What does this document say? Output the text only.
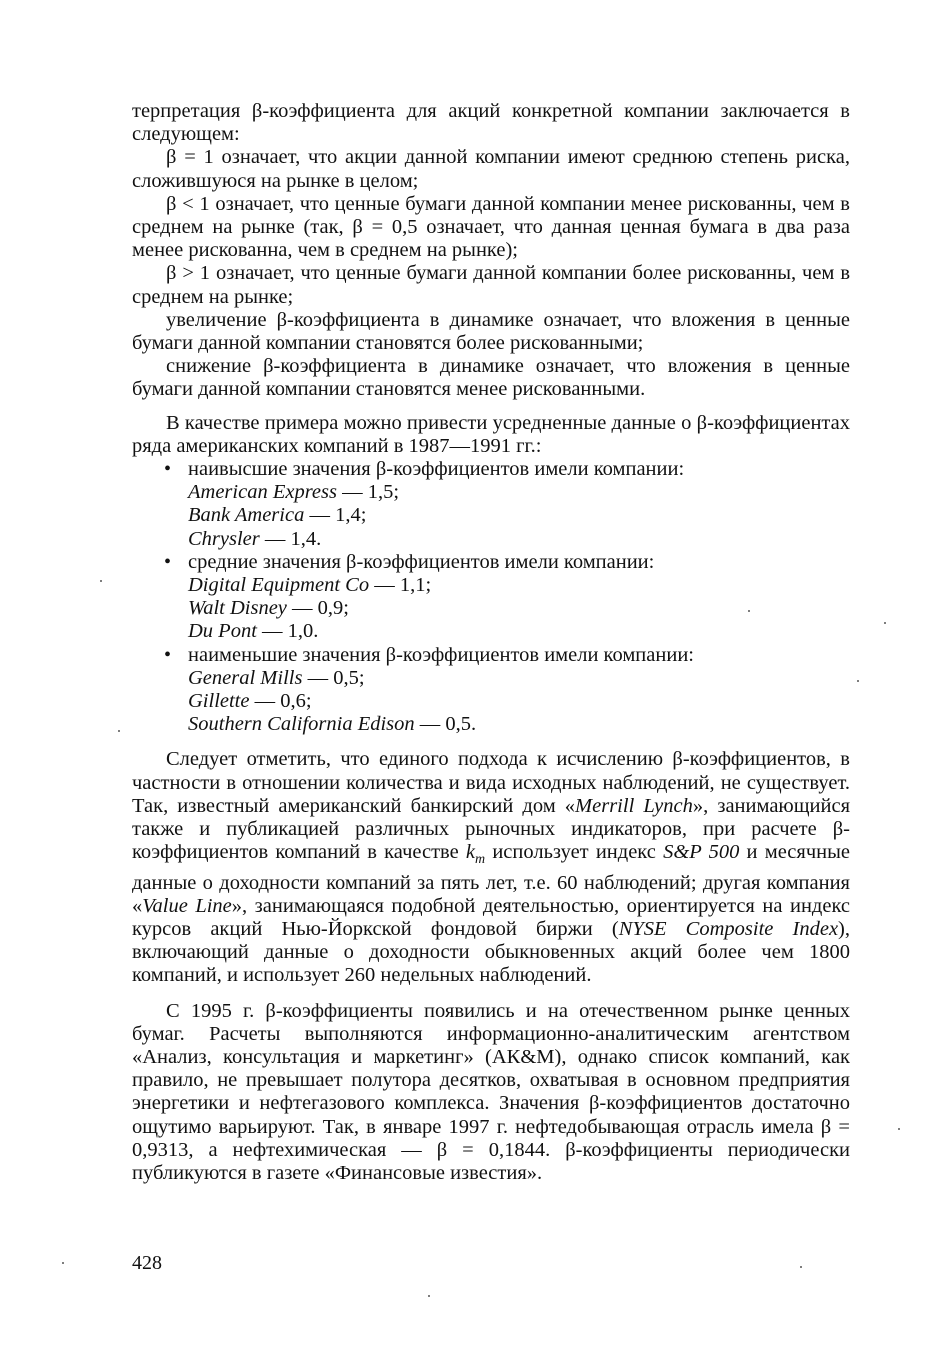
терпретация β-коэффициента для акций конкретной компании заключается в следующем:

β = 1 означает, что акции данной компании имеют среднюю степень риска, сложившуюся на рынке в целом;

β < 1 означает, что ценные бумаги данной компании менее рискованны, чем в среднем на рынке (так, β = 0,5 означает, что данная ценная бумага в два раза менее рискованна, чем в среднем на рынке);

β > 1 означает, что ценные бумаги данной компании более рискованны, чем в среднем на рынке;

увеличение β-коэффициента в динамике означает, что вложения в ценные бумаги данной компании становятся более рискованными;

снижение β-коэффициента в динамике означает, что вложения в ценные бумаги данной компании становятся менее рискованными.

В качестве примера можно привести усредненные данные о β-коэффициентах ряда американских компаний в 1987—1991 гг.:

• наивысшие значения β-коэффициентов имели компании:
American Express — 1,5;
Bank America — 1,4;
Chrysler — 1,4.
• средние значения β-коэффициентов имели компании:
Digital Equipment Co — 1,1;
Walt Disney — 0,9;
Du Pont — 1,0.
• наименьшие значения β-коэффициентов имели компании:
General Mills — 0,5;
Gillette — 0,6;
Southern California Edison — 0,5.

Следует отметить, что единого подхода к исчислению β-коэффициентов, в частности в отношении количества и вида исходных наблюдений, не существует. Так, известный американский банкирский дом «Merrill Lynch», занимающийся также и публикацией различных рыночных индикаторов, при расчете β-коэффициентов компаний в качестве $k_m$ использует индекс S&P 500 и месячные данные о доходности компаний за пять лет, т.е. 60 наблюдений; другая компания «Value Line», занимающаяся подобной деятельностью, ориентируется на индекс курсов акций Нью-Йоркской фондовой биржи (NYSE Composite Index), включающий данные о доходности обыкновенных акций более чем 1800 компаний, и использует 260 недельных наблюдений.

С 1995 г. β-коэффициенты появились и на отечественном рынке ценных бумаг. Расчеты выполняются информационно-аналитическим агентством «Анализ, консультация и маркетинг» (АК&М), однако список компаний, как правило, не превышает полутора десятков, охватывая в основном предприятия энергетики и нефтегазового комплекса. Значения β-коэффициентов достаточно ощутимо варьируют. Так, в январе 1997 г. нефтедобывающая отрасль имела β = 0,9313, а нефтехимическая — β = 0,1844. β-коэффициенты периодически публикуются в газете «Финансовые известия».

428
